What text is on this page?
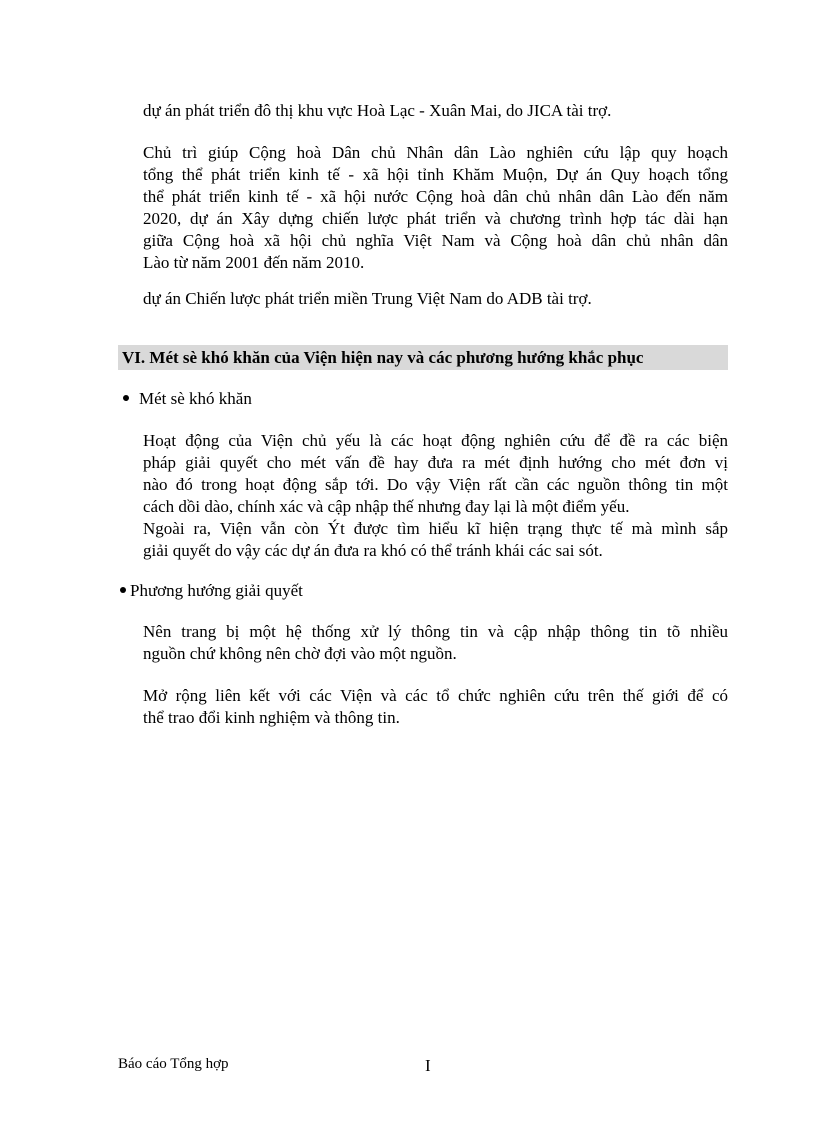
dự án phát triển đô thị khu vực Hoà Lạc - Xuân Mai, do JICA tài trợ.
Chủ trì giúp Cộng hoà Dân chủ Nhân dân Lào nghiên cứu lập quy hoạch
tổng thể phát triển kinh tế - xã hội tỉnh Khăm Muộn, Dự án Quy hoạch tổng
thể phát triển kinh tế - xã hội nước Cộng hoà dân chủ nhân dân Lào đến năm
2020, dự án Xây dựng chiến lược phát triển và chương trình hợp tác dài hạn
giữa Cộng hoà xã hội chủ nghĩa Việt Nam và Cộng hoà dân chủ nhân dân
Lào từ năm 2001 đến năm 2010.
dự án Chiến lược phát triển miền Trung Việt Nam do ADB tài trợ.
VI. Mét sè khó khăn của Viện hiện nay và các phương hướng khắc phục
Mét sè khó khăn
Hoạt động của Viện chủ yếu là các hoạt động nghiên cứu để đề ra các biện
pháp giải quyết cho mét vấn đề hay đưa ra mét định hướng cho mét đơn vị
nào đó trong hoạt động sắp tới. Do vậy Viện rất cần các nguồn thông tin một
cách dồi dào, chính xác và cập nhập thế nhưng đay lại là một điểm yếu.
Ngoài ra, Viện vẫn còn Ýt được tìm hiểu kĩ hiện trạng thực tế mà mình sắp
giải quyết do vậy các dự án đưa ra khó có thể tránh khái các sai sót.
Phương hướng giải quyết
Nên trang bị một hệ thống xử lý thông tin và cập nhập thông tin tõ nhiều
nguồn chứ không nên chờ đợi vào một nguồn.
Mở rộng liên kết với các Viện và các tổ chức nghiên cứu trên thế giới để có
thể trao đổi kinh nghiệm và thông tin.
Báo cáo Tổng hợp	I
